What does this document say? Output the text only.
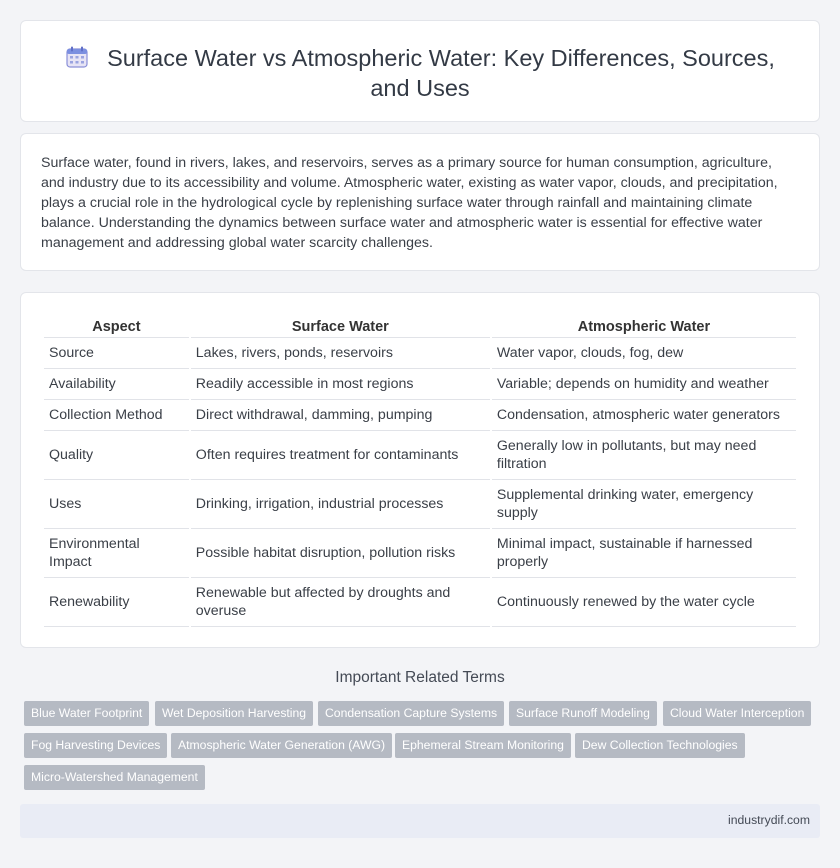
Surface Water vs Atmospheric Water: Key Differences, Sources, and Uses

Surface water, found in rivers, lakes, and reservoirs, serves as a primary source for human consumption, agriculture, and industry due to its accessibility and volume. Atmospheric water, existing as water vapor, clouds, and precipitation, plays a crucial role in the hydrological cycle by replenishing surface water through rainfall and maintaining climate balance. Understanding the dynamics between surface water and atmospheric water is essential for effective water management and addressing global water scarcity challenges.

Aspect	Surface Water	Atmospheric Water
Source	Lakes, rivers, ponds, reservoirs	Water vapor, clouds, fog, dew
Availability	Readily accessible in most regions	Variable; depends on humidity and weather
Collection Method	Direct withdrawal, damming, pumping	Condensation, atmospheric water generators
Quality	Often requires treatment for contaminants	Generally low in pollutants, but may need filtration
Uses	Drinking, irrigation, industrial processes	Supplemental drinking water, emergency supply
Environmental Impact	Possible habitat disruption, pollution risks	Minimal impact, sustainable if harnessed properly
Renewability	Renewable but affected by droughts and overuse	Continuously renewed by the water cycle
Important Related Terms
Blue Water Footprint	Wet Deposition Harvesting	Condensation Capture Systems	Surface Runoff Modeling	Cloud Water Interception
Fog Harvesting Devices	Atmospheric Water Generation (AWG)	Ephemeral Stream Monitoring	Dew Collection Technologies
Micro-Watershed Management
industrydif.com
